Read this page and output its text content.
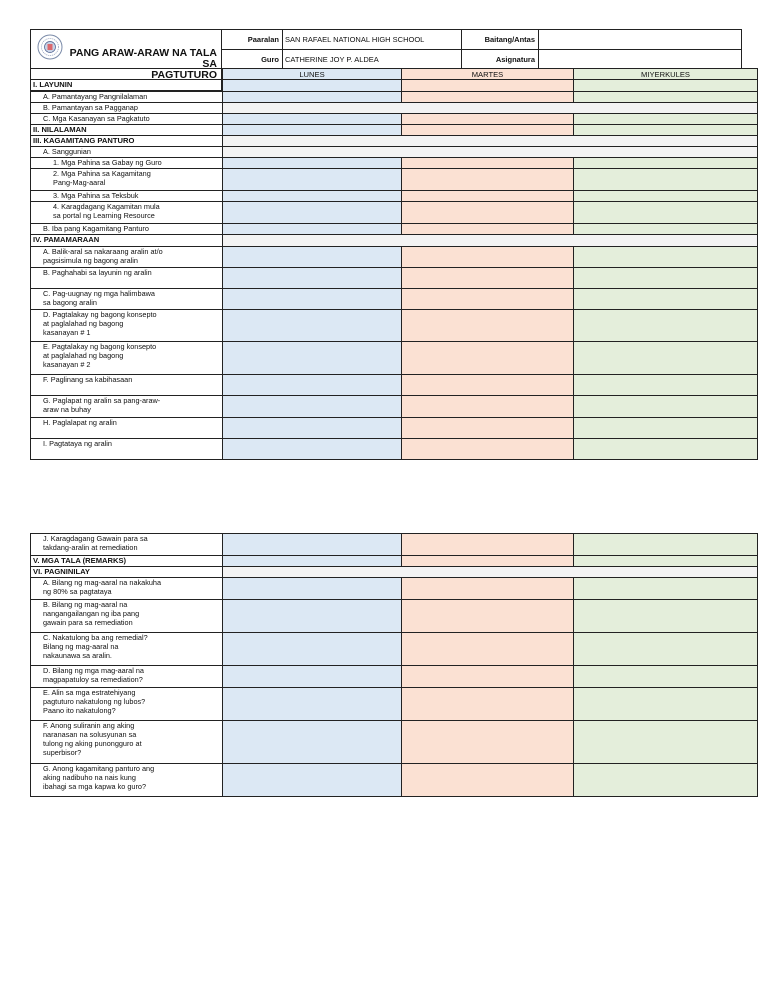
PANG ARAW-ARAW NA TALA SA
PAGTUTURO	Paaralan	SAN RAFAEL NATIONAL HIGH SCHOOL	Baitang/Antas	
	Guro	CATHERINE JOY P. ALDEA	Asignatura	

	LUNES	MARTES	MIYERKULES
I. LAYUNIN			
A. Pamantayang Pangnilalaman			
B. Pamantayan sa Pagganap			
C. Mga Kasanayan sa Pagkatuto			
II. NILALAMAN			
III. KAGAMITANG PANTURO			
A. Sanggunian			
1. Mga Pahina sa Gabay ng Guro			
2. Mga Pahina sa Kagamitang
Pang-Mag-aaral			
3. Mga Pahina sa Teksbuk			
4. Karagdagang Kagamitan mula
sa portal ng Learning Resource			
B. Iba pang Kagamitang Panturo			
IV. PAMAMARAAN			
A. Balik-aral sa nakaraang aralin at/o
pagsisimula ng bagong aralin			
B. Paghahabi sa layunin ng aralin			
C. Pag-uugnay ng mga halimbawa
sa bagong aralin			
D. Pagtalakay ng bagong konsepto
at paglalahad ng bagong
kasanayan # 1			
E. Pagtalakay ng bagong konsepto
at paglalahad ng bagong
kasanayan # 2			
F. Paglinang sa kabihasaan			
G. Paglapat ng aralin sa pang-araw-
araw na buhay			
H. Paglalapat ng aralin			
I. Pagtataya ng aralin			
J. Karagdagang Gawain para sa
takdang-aralin at remediation			
V. MGA TALA (REMARKS)			
VI. PAGNINILAY			
A. Bilang ng mag-aaral na nakakuha
ng 80% sa pagtataya			
B. Bilang ng mag-aaral na
nangangailangan ng iba pang
gawain para sa remediation			
C. Nakatulong ba ang remedial?
Bilang ng mag-aaral na
nakaunawa sa aralin.			
D. Bilang ng mga mag-aaral na
magpapatuloy sa remediation?			
E. Alin sa mga estratehiyang
pagtuturo nakatulong ng lubos?
Paano ito nakatulong?			
F. Anong suliranin ang aking
naranasan na solusyunan sa
tulong ng aking punongguro at
superbisor?			
G. Anong kagamitang panturo ang
aking nadibuho na nais kung
ibahagi sa mga kapwa ko guro?			
